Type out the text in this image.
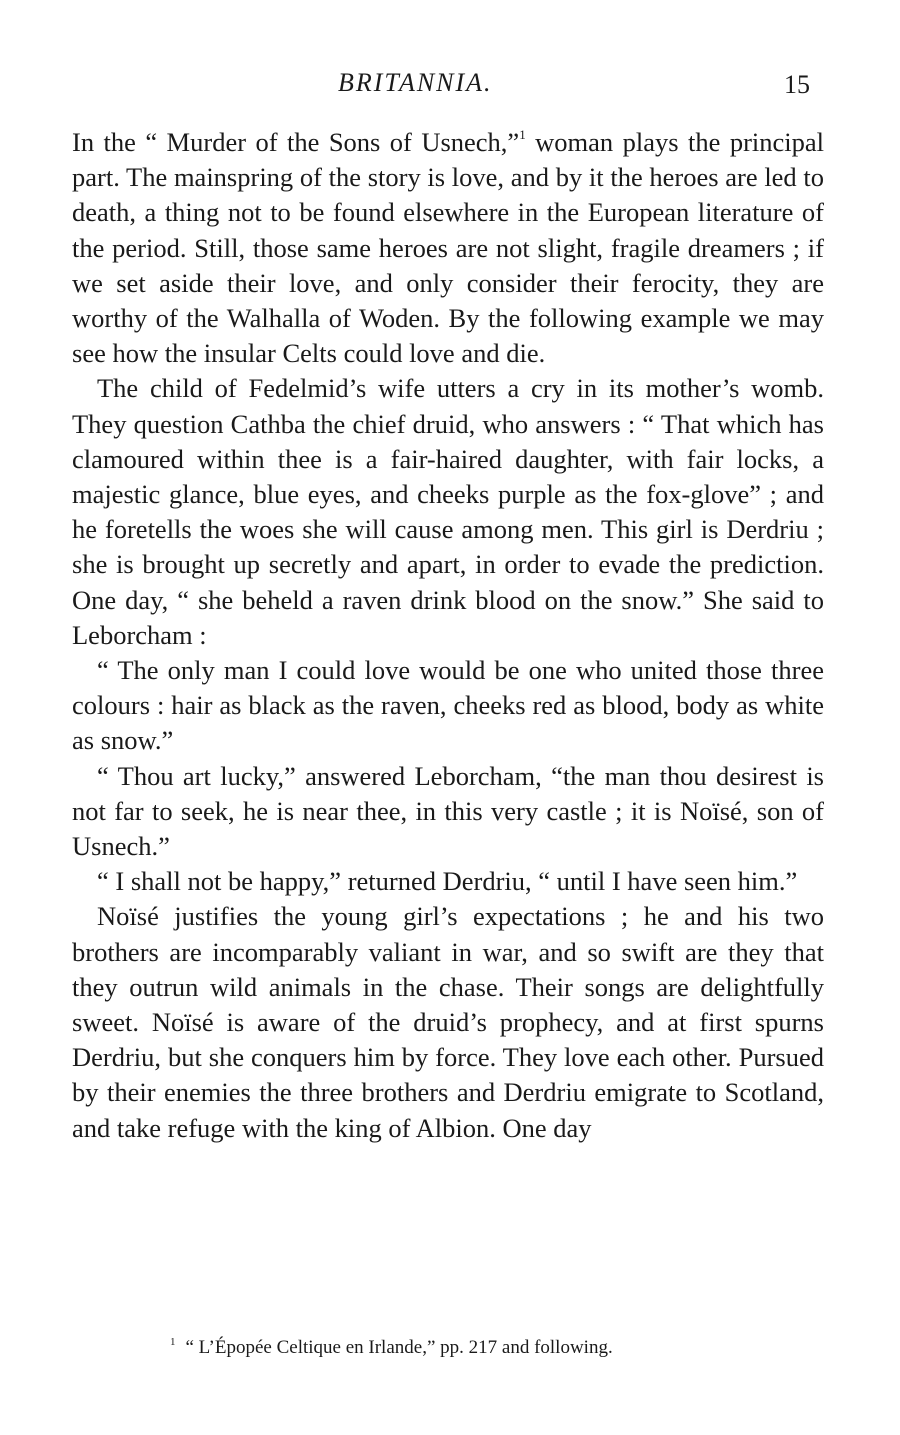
BRITANNIA.	15

In the “ Murder of the Sons of Usnech,”$^1$ woman plays the principal part. The mainspring of the story is love, and by it the heroes are led to death, a thing not to be found elsewhere in the European literature of the period. Still, those same heroes are not slight, fragile dreamers ; if we set aside their love, and only consider their ferocity, they are worthy of the Walhalla of Woden. By the following example we may see how the insular Celts could love and die.

The child of Fedelmid’s wife utters a cry in its mother’s womb. They question Cathba the chief druid, who answers : “ That which has clamoured within thee is a fair-haired daughter, with fair locks, a majestic glance, blue eyes, and cheeks purple as the fox-glove” ; and he foretells the woes she will cause among men. This girl is Derdriu ; she is brought up secretly and apart, in order to evade the prediction. One day, “ she beheld a raven drink blood on the snow.” She said to Leborcham :

“ The only man I could love would be one who united those three colours : hair as black as the raven, cheeks red as blood, body as white as snow.”

“ Thou art lucky,” answered Leborcham, “the man thou desirest is not far to seek, he is near thee, in this very castle ; it is Noïsé, son of Usnech.”

“ I shall not be happy,” returned Derdriu, “ until I have seen him.”

Noïsé justifies the young girl’s expectations ; he and his two brothers are incomparably valiant in war, and so swift are they that they outrun wild animals in the chase. Their songs are delightfully sweet. Noïsé is aware of the druid’s prophecy, and at first spurns Derdriu, but she conquers him by force. They love each other. Pursued by their enemies the three brothers and Derdriu emigrate to Scotland, and take refuge with the king of Albion. One day

$^1$ “ L’Épopée Celtique en Irlande,” pp. 217 and following.
